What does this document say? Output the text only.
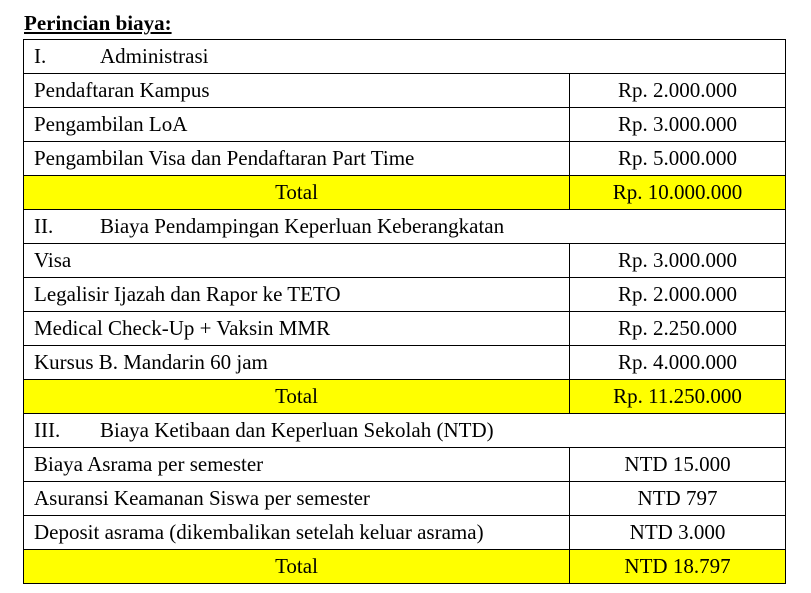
Perincian biaya:
I. Administrasi	
Pendaftaran Kampus	Rp. 2.000.000
Pengambilan LoA	Rp. 3.000.000
Pengambilan Visa dan Pendaftaran Part Time	Rp. 5.000.000
Total	Rp. 10.000.000
II. Biaya Pendampingan Keperluan Keberangkatan	
Visa	Rp. 3.000.000
Legalisir Ijazah dan Rapor ke TETO	Rp. 2.000.000
Medical Check-Up + Vaksin MMR	Rp. 2.250.000
Kursus B. Mandarin 60 jam	Rp. 4.000.000
Total	Rp. 11.250.000
III. Biaya Ketibaan dan Keperluan Sekolah (NTD)	
Biaya Asrama per semester	NTD 15.000
Asuransi Keamanan Siswa per semester	NTD 797
Deposit asrama (dikembalikan setelah keluar asrama)	NTD 3.000
Total	NTD 18.797
